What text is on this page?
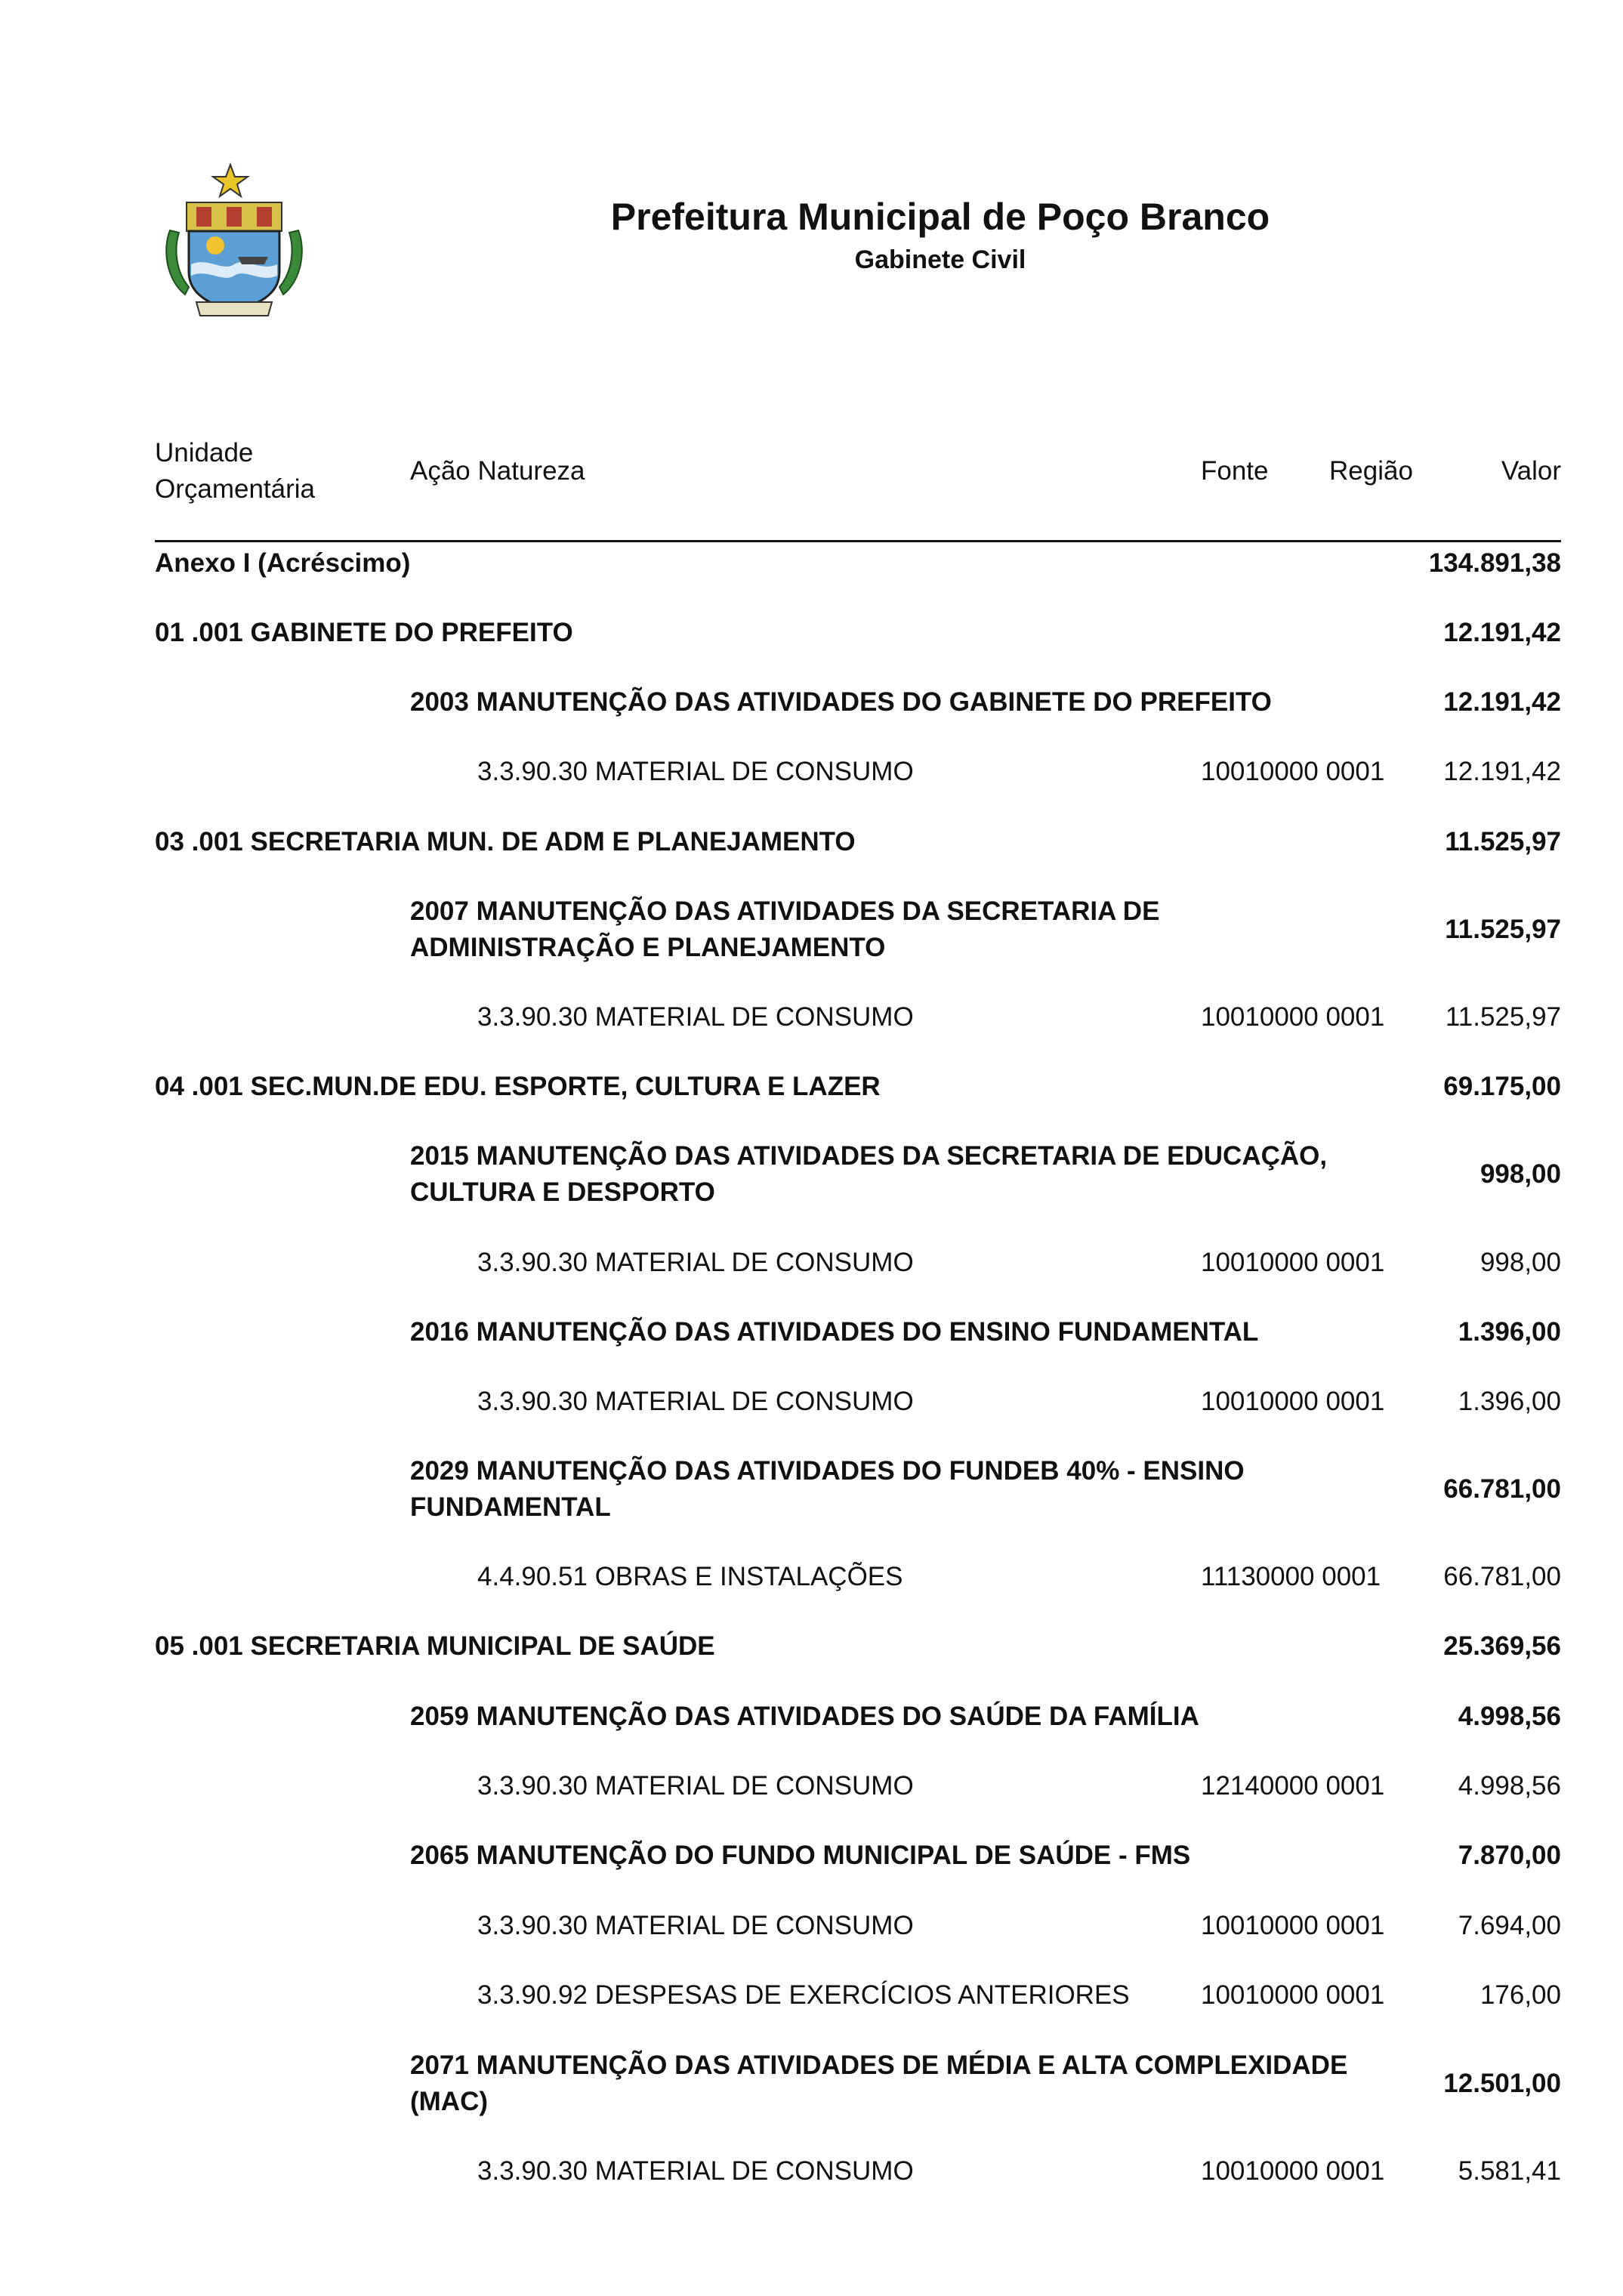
Prefeitura Municipal de Poço Branco
Gabinete Civil
Unidade
Orçamentária
Ação Natureza	Fonte Região	Valor
Anexo I (Acréscimo)	134.891,38
01 .001 GABINETE DO PREFEITO	12.191,42
2003 MANUTENÇÃO DAS ATIVIDADES DO GABINETE DO PREFEITO	12.191,42
3.3.90.30 MATERIAL DE CONSUMO	10010000 0001	12.191,42
03 .001 SECRETARIA MUN. DE ADM E PLANEJAMENTO	11.525,97
2007 MANUTENÇÃO DAS ATIVIDADES DA SECRETARIA DE
ADMINISTRAÇÃO E PLANEJAMENTO
11.525,97
3.3.90.30 MATERIAL DE CONSUMO	10010000 0001	11.525,97
04 .001 SEC.MUN.DE EDU. ESPORTE, CULTURA E LAZER	69.175,00
2015 MANUTENÇÃO DAS ATIVIDADES DA SECRETARIA DE EDUCAÇÃO,
CULTURA E DESPORTO
998,00
3.3.90.30 MATERIAL DE CONSUMO	10010000 0001	998,00
2016 MANUTENÇÃO DAS ATIVIDADES DO ENSINO FUNDAMENTAL	1.396,00
3.3.90.30 MATERIAL DE CONSUMO	10010000 0001	1.396,00
2029 MANUTENÇÃO DAS ATIVIDADES DO FUNDEB 40% - ENSINO
FUNDAMENTAL
66.781,00
4.4.90.51 OBRAS E INSTALAÇÕES	11130000 0001	66.781,00
05 .001 SECRETARIA MUNICIPAL DE SAÚDE	25.369,56
2059 MANUTENÇÃO DAS ATIVIDADES DO SAÚDE DA FAMÍLIA	4.998,56
3.3.90.30 MATERIAL DE CONSUMO	12140000 0001	4.998,56
2065 MANUTENÇÃO DO FUNDO MUNICIPAL DE SAÚDE - FMS	7.870,00
3.3.90.30 MATERIAL DE CONSUMO	10010000 0001	7.694,00
3.3.90.92 DESPESAS DE EXERCÍCIOS ANTERIORES	10010000 0001	176,00
2071 MANUTENÇÃO DAS ATIVIDADES DE MÉDIA E ALTA COMPLEXIDADE
(MAC)
12.501,00
3.3.90.30 MATERIAL DE CONSUMO	10010000 0001	5.581,41
